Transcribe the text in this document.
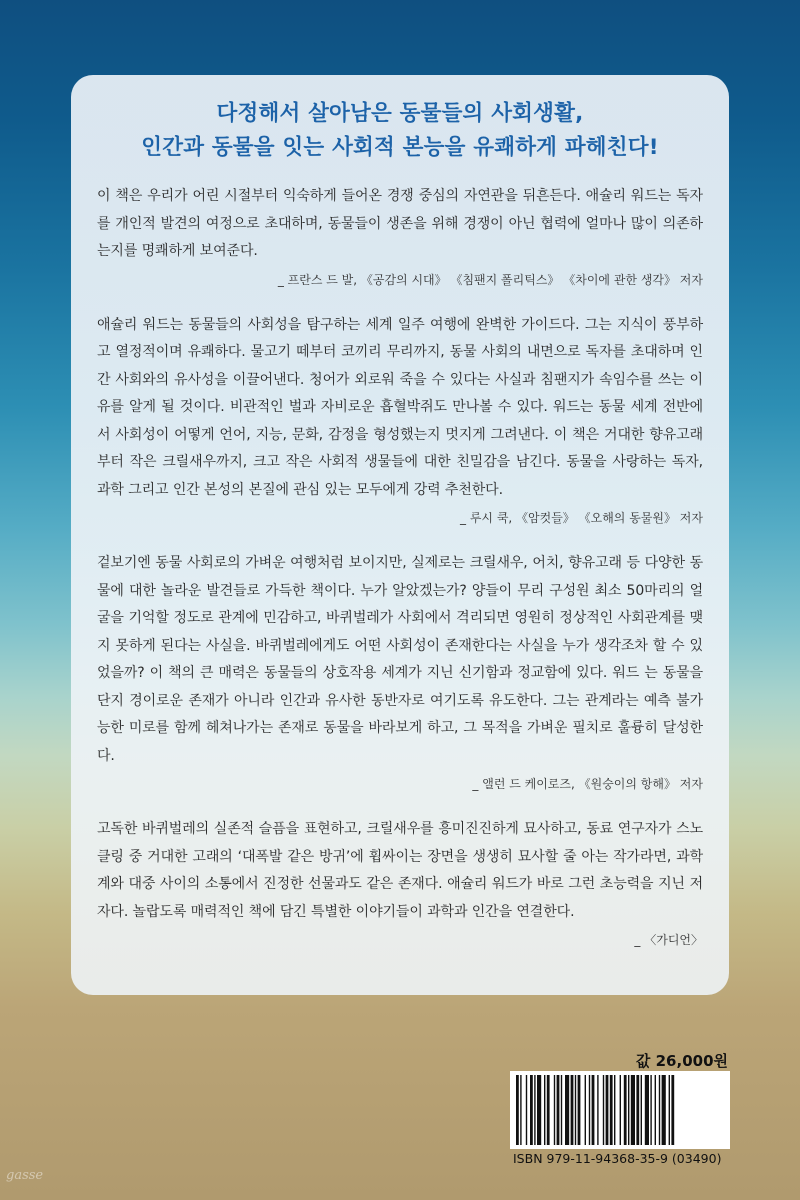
다정해서 살아남은 동물들의 사회생활,
인간과 동물을 잇는 사회적 본능을 유쾌하게 파헤친다!

이 책은 우리가 어린 시절부터 익숙하게 들어온 경쟁 중심의 자연관을 뒤흔든다. 애슐리 워드는 독자를 개인적 발견의 여정으로 초대하며, 동물들이 생존을 위해 경쟁이 아닌 협력에 얼마나 많이 의존하는지를 명쾌하게 보여준다.

_ 프란스 드 발, 《공감의 시대》 《침팬지 폴리틱스》 《차이에 관한 생각》 저자

애슐리 워드는 동물들의 사회성을 탐구하는 세계 일주 여행에 완벽한 가이드다. 그는 지식이 풍부하고 열정적이며 유쾌하다. 물고기 떼부터 코끼리 무리까지, 동물 사회의 내면으로 독자를 초대하며 인간 사회와의 유사성을 이끌어낸다. 청어가 외로워 죽을 수 있다는 사실과 침팬지가 속임수를 쓰는 이유를 알게 될 것이다. 비관적인 벌과 자비로운 흡혈박쥐도 만나볼 수 있다. 워드는 동물 세계 전반에서 사회성이 어떻게 언어, 지능, 문화, 감정을 형성했는지 멋지게 그려낸다. 이 책은 거대한 향유고래부터 작은 크릴새우까지, 크고 작은 사회적 생물들에 대한 친밀감을 남긴다. 동물을 사랑하는 독자, 과학 그리고 인간 본성의 본질에 관심 있는 모두에게 강력 추천한다.

_ 루시 쿡, 《암컷들》 《오해의 동물원》 저자

겉보기엔 동물 사회로의 가벼운 여행처럼 보이지만, 실제로는 크릴새우, 어치, 향유고래 등 다양한 동물에 대한 놀라운 발견들로 가득한 책이다. 누가 알았겠는가? 양들이 무리 구성원 최소 50마리의 얼굴을 기억할 정도로 관계에 민감하고, 바퀴벌레가 사회에서 격리되면 영원히 정상적인 사회관계를 맺지 못하게 된다는 사실을. 바퀴벌레에게도 어떤 사회성이 존재한다는 사실을 누가 생각조차 할 수 있었을까? 이 책의 큰 매력은 동물들의 상호작용 세계가 지닌 신기함과 정교함에 있다. 워드 는 동물을 단지 경이로운 존재가 아니라 인간과 유사한 동반자로 여기도록 유도한다. 그는 관계라는 예측 불가능한 미로를 함께 헤쳐나가는 존재로 동물을 바라보게 하고, 그 목적을 가벼운 필치로 훌륭히 달성한다.

_ 앨런 드 케이로즈, 《원숭이의 항해》 저자

고독한 바퀴벌레의 실존적 슬픔을 표현하고, 크릴새우를 흥미진진하게 묘사하고, 동료 연구자가 스노클링 중 거대한 고래의 ‘대폭발 같은 방귀’에 휩싸이는 장면을 생생히 묘사할 줄 아는 작가라면, 과학계와 대중 사이의 소통에서 진정한 선물과도 같은 존재다. 애슐리 워드가 바로 그런 초능력을 지닌 저자다. 놀랍도록 매력적인 책에 담긴 특별한 이야기들이 과학과 인간을 연결한다.

_ 〈가디언〉
값 26,000원
ISBN 979-11-94368-35-9 (03490)
gasse
